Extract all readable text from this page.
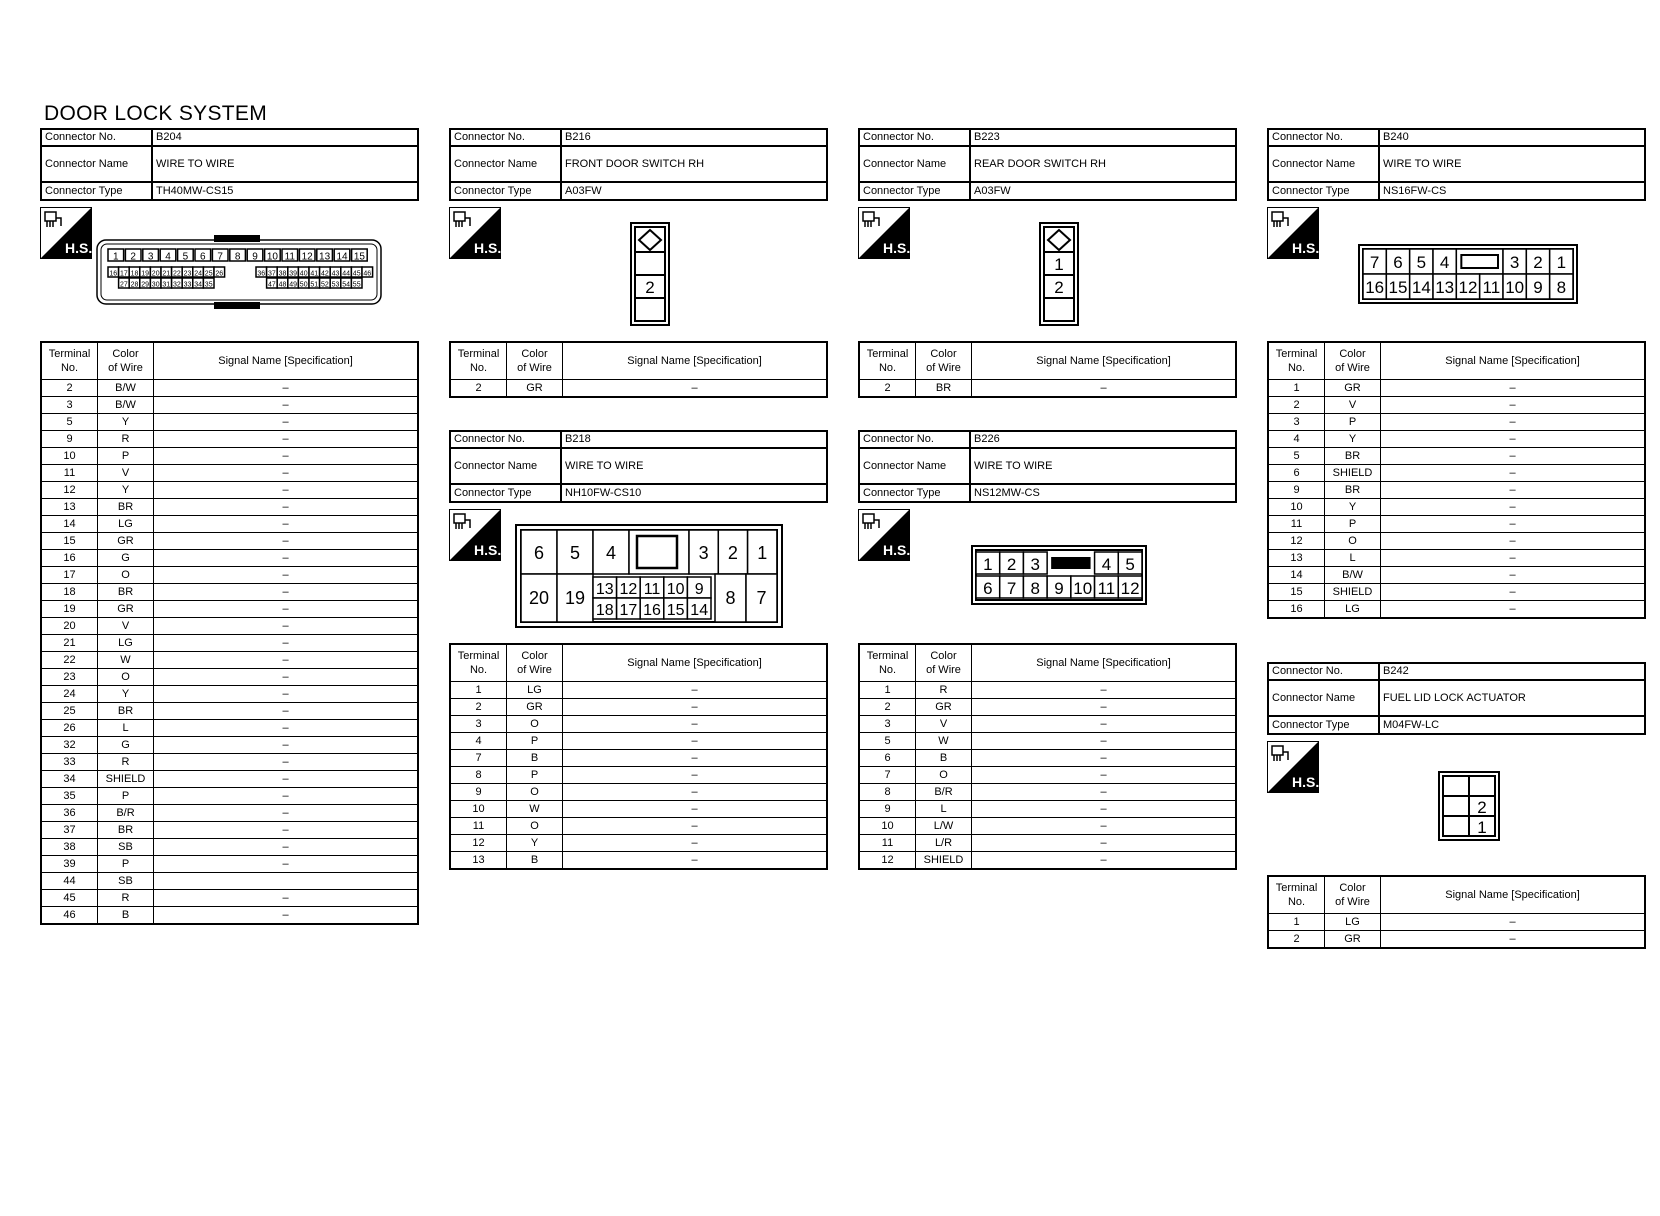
DOOR LOCK SYSTEM
Connector No.	B204
Connector Name	WIRE TO WIRE
Connector Type	TH40MW-CS15
H.S.
1 2 3 4 5 6 7 8 9 10 11 12 13 14 15
16 17 18 19 20 21 22 23 24 25 26	36 37 38 39 40 41 42 43 44 45 46
27 28 29 30 31 32 33 34 35	47 48 49 50 51 52 53 54 55
Terminal
No.	Color
of Wire	Signal Name [Specification]
2	B/W	–
3	B/W	–
5	Y	–
9	R	–
10	P	–
11	V	–
12	Y	–
13	BR	–
14	LG	–
15	GR	–
16	G	–
17	O	–
18	BR	–
19	GR	–
20	V	–
21	LG	–
22	W	–
23	O	–
24	Y	–
25	BR	–
26	L	–
32	G	–
33	R	–
34	SHIELD	–
35	P	–
36	B/R	–
37	BR	–
38	SB	–
39	P	–
44	SB	
45	R	–
46	B	–
Connector No.	B216
Connector Name	FRONT DOOR SWITCH RH
Connector Type	A03FW
H.S.
2
Terminal
No.	Color
of Wire	Signal Name [Specification]
2	GR	–
Connector No.	B218
Connector Name	WIRE TO WIRE
Connector Type	NH10FW-CS10
H.S. 6 5 4	3 2 1
20 19 13 12 11 10 9
18 17 16 15 14
8 7
Terminal
No.	Color
of Wire	Signal Name [Specification]
1	LG	–
2	GR	–
3	O	–
4	P	–
7	B	–
8	P	–
9	O	–
10	W	–
11	O	–
12	Y	–
13	B	–
Connector No.	B223
Connector Name	REAR DOOR SWITCH RH
Connector Type	A03FW
H.S.
1
2
Terminal
No.	Color
of Wire	Signal Name [Specification]
2	BR	–
Connector No.	B226
Connector Name	WIRE TO WIRE
Connector Type	NS12MW-CS
H.S.
1 2 3	4 5
6 7 8 9 10 11 12
Terminal
No.	Color
of Wire	Signal Name [Specification]
1	R	–
2	GR	–
3	V	–
5	W	–
6	B	–
7	O	–
8	B/R	–
9	L	–
10	L/W	–
11	L/R	–
12	SHIELD	–
Connector No.	B240
Connector Name	WIRE TO WIRE
Connector Type	NS16FW-CS
H.S.
7 6 5 4	3 2 1
16 15 14 13 12 11 10 9 8
Terminal
No.	Color
of Wire	Signal Name [Specification]
1	GR	–
2	V	–
3	P	–
4	Y	–
5	BR	–
6	SHIELD	–
9	BR	–
10	Y	–
11	P	–
12	O	–
13	L	–
14	B/W	–
15	SHIELD	–
16	LG	–
Connector No.	B242
Connector Name	FUEL LID LOCK ACTUATOR
Connector Type	M04FW-LC
H.S.
2
1
Terminal
No.	Color
of Wire	Signal Name [Specification]
1	LG	–
2	GR	–
